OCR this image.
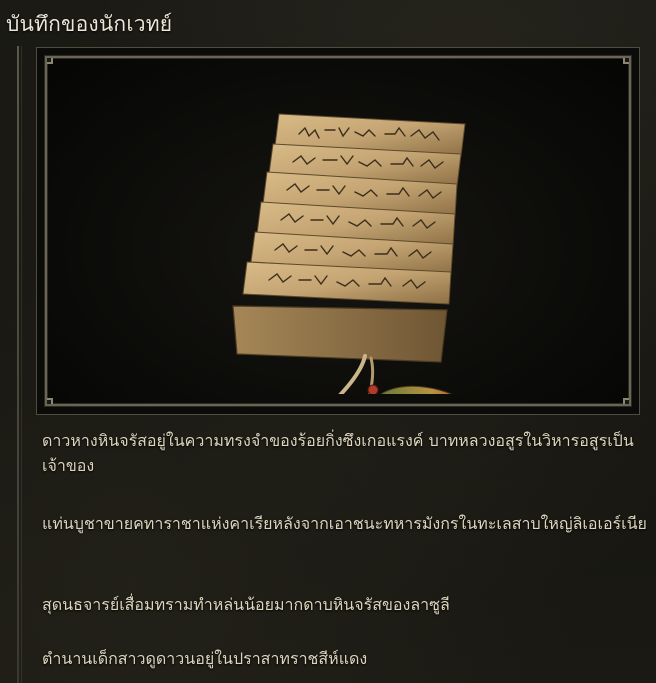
บันทึกของนักเวทย์

ดาวหางหินจรัสอยู่ในความทรงจำของร้อยกิ่งซึงเกอแรงค์ บาทหลวงอสูรในวิหารอสูรเป็นเจ้าของ

แท่นบูชาขายคทาราชาแห่งคาเรียหลังจากเอาชนะทหารมังกรในทะเลสาบใหญ่ลิเอเอร์เนีย

สุดนธจารย์เสื่อมทรามทำหล่นน้อยมากดาบหินจรัสของลาซูลี

ตำนานเด็กสาวดูดาวนอยู่ในปราสาทราชสีห์แดง
